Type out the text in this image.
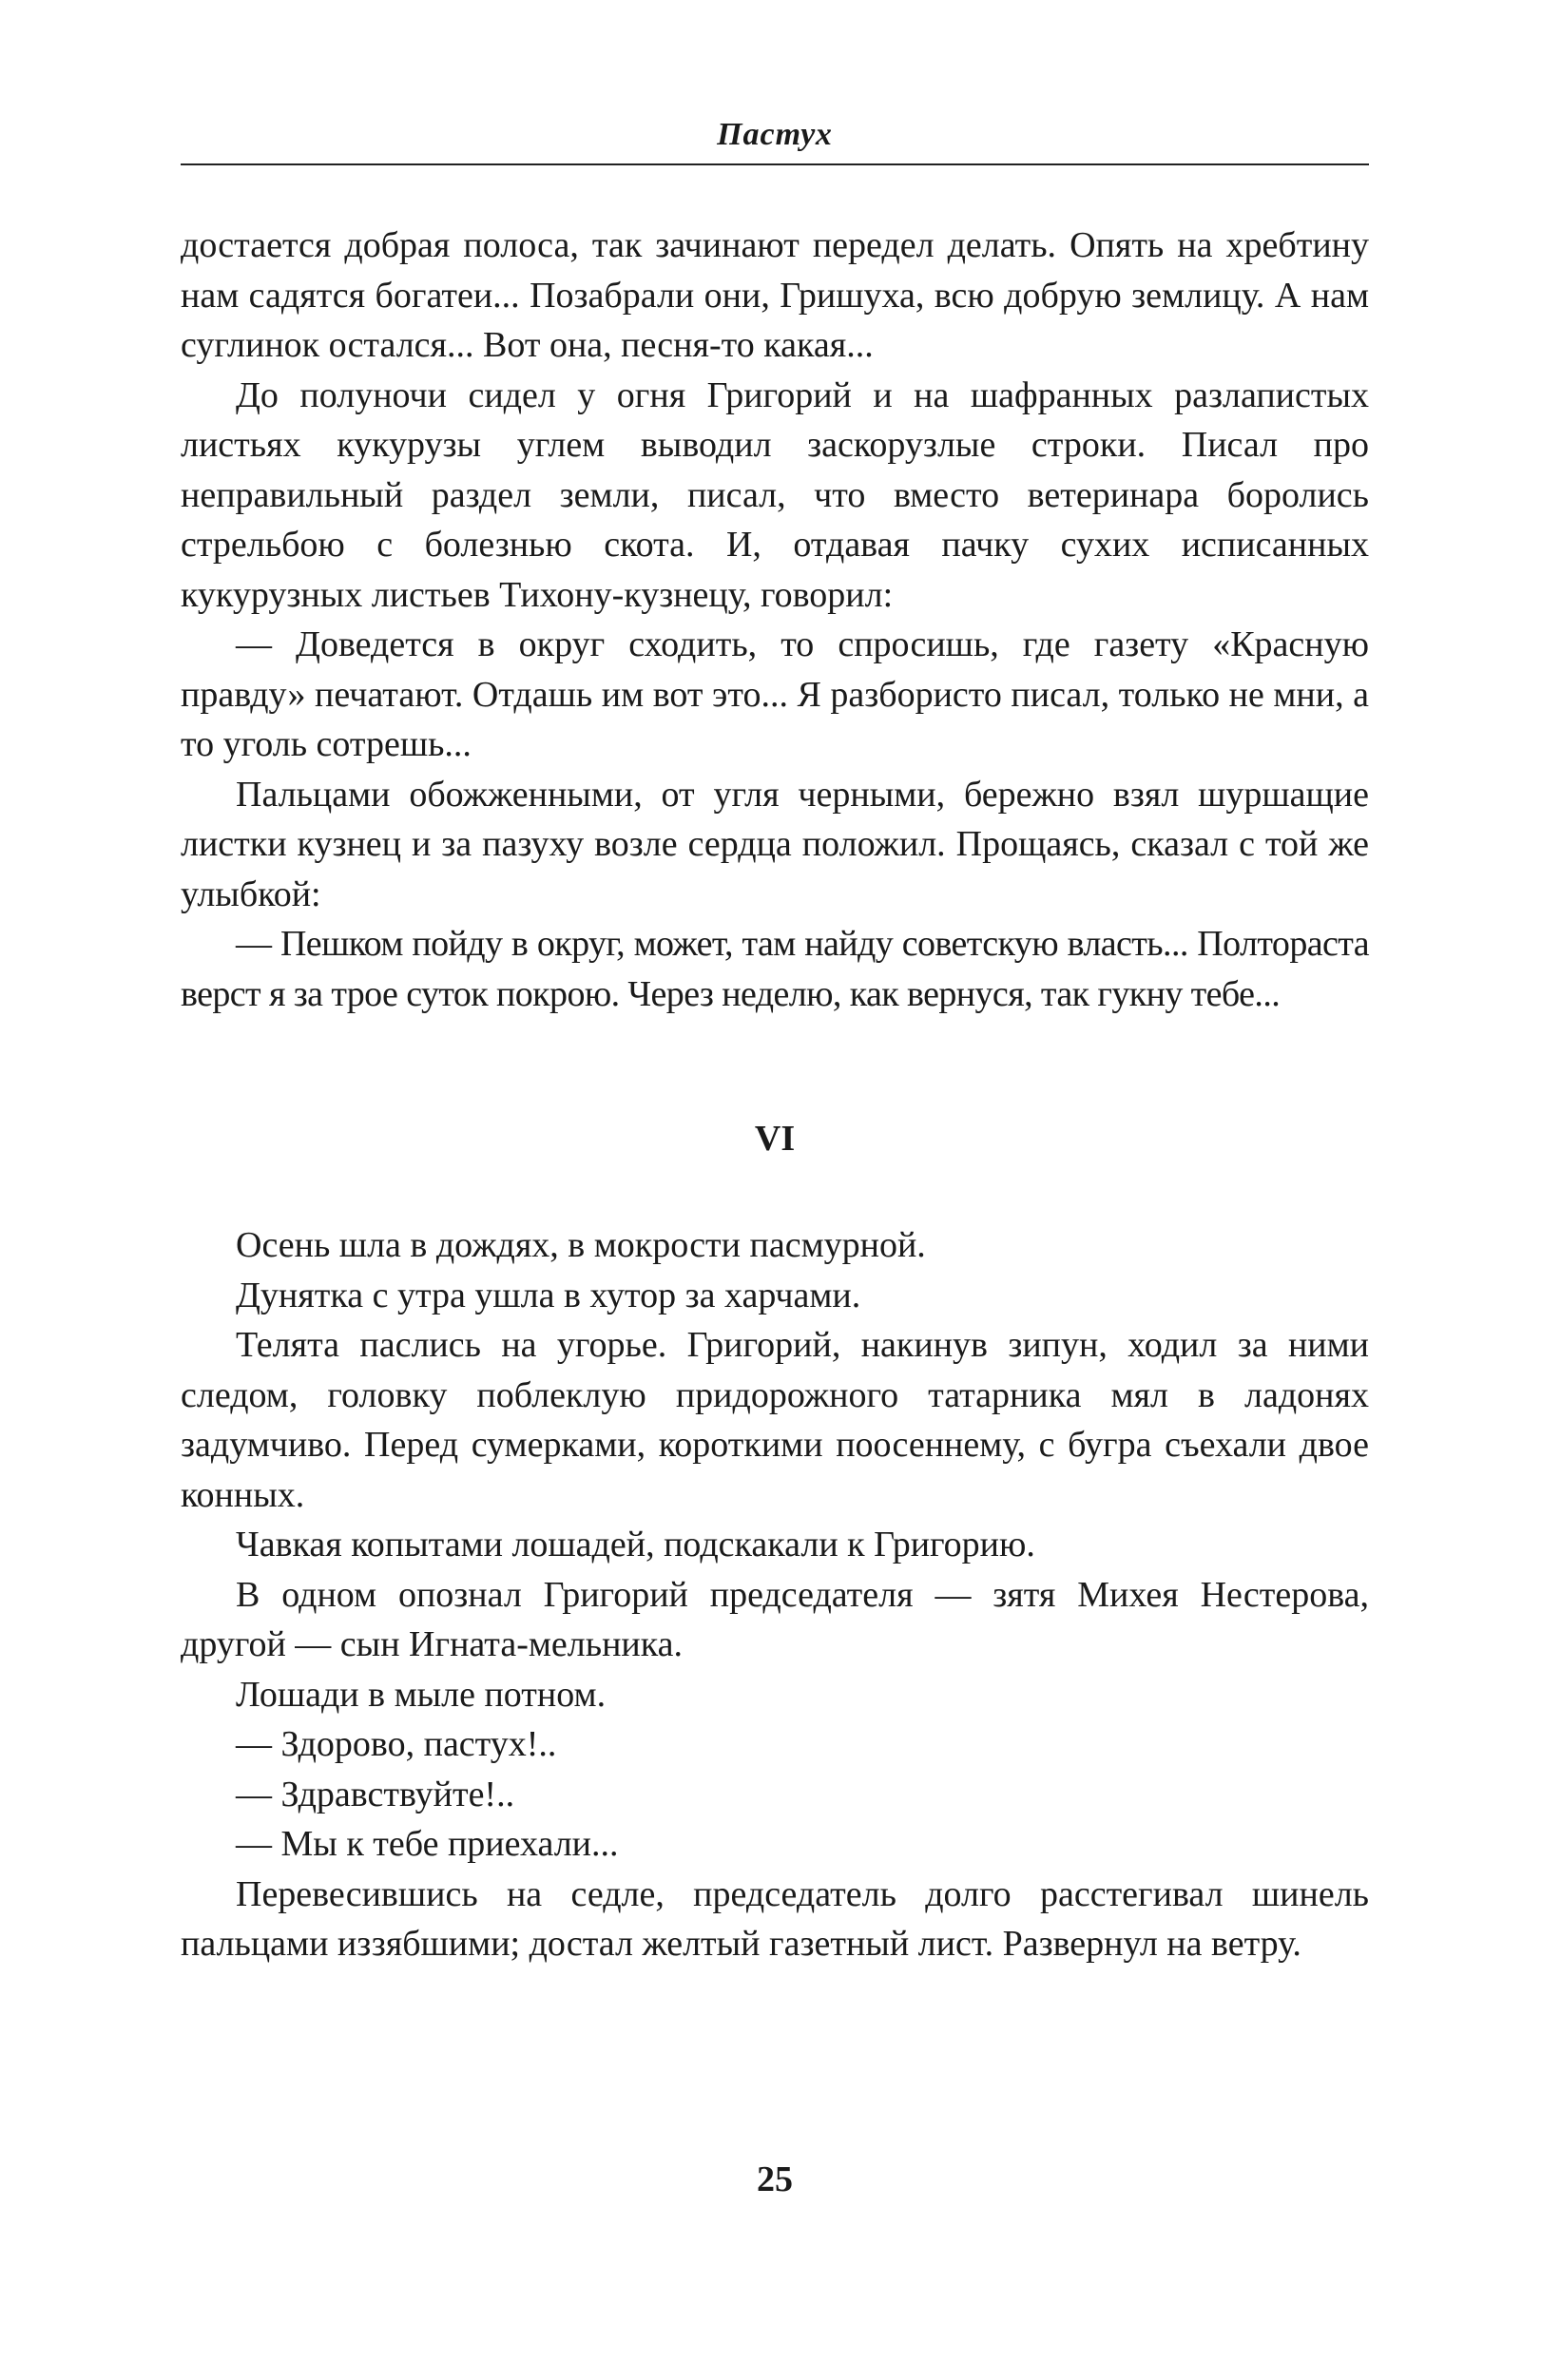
Пастух

достается добрая полоса, так зачинают передел делать. Опять на хребтину нам садятся богатеи... Позабрали они, Гришуха, всю добрую землицу. А нам суглинок остался... Вот она, песня-то какая...

До полуночи сидел у огня Григорий и на шафранных разлапистых листьях кукурузы углем выводил заскорузлые строки. Писал про неправильный раздел земли, писал, что вместо ветеринара боролись стрельбою с болезнью скота. И, отдавая пачку сухих исписанных кукурузных листьев Тихону-кузнецу, говорил:

— Доведется в округ сходить, то спросишь, где газету «Красную правду» печатают. Отдашь им вот это... Я разбористо писал, только не мни, а то уголь сотрешь...

Пальцами обожженными, от угля черными, бережно взял шуршащие листки кузнец и за пазуху возле сердца положил. Прощаясь, сказал с той же улыбкой:

— Пешком пойду в округ, может, там найду советскую власть... Полтораста верст я за трое суток покрою. Через неделю, как вернуся, так гукну тебе...

VI

Осень шла в дождях, в мокрости пасмурной.

Дунятка с утра ушла в хутор за харчами.

Телята паслись на угорье. Григорий, накинув зипун, ходил за ними следом, головку поблеклую придорожного татарника мял в ладонях задумчиво. Перед сумерками, короткими поосеннему, с бугра съехали двое конных.

Чавкая копытами лошадей, подскакали к Григорию.

В одном опознал Григорий председателя — зятя Михея Нестерова, другой — сын Игната-мельника.

Лошади в мыле потном.

— Здорово, пастух!..

— Здравствуйте!..

— Мы к тебе приехали...

Перевесившись на седле, председатель долго расстегивал шинель пальцами иззябшими; достал желтый газетный лист. Развернул на ветру.

25
